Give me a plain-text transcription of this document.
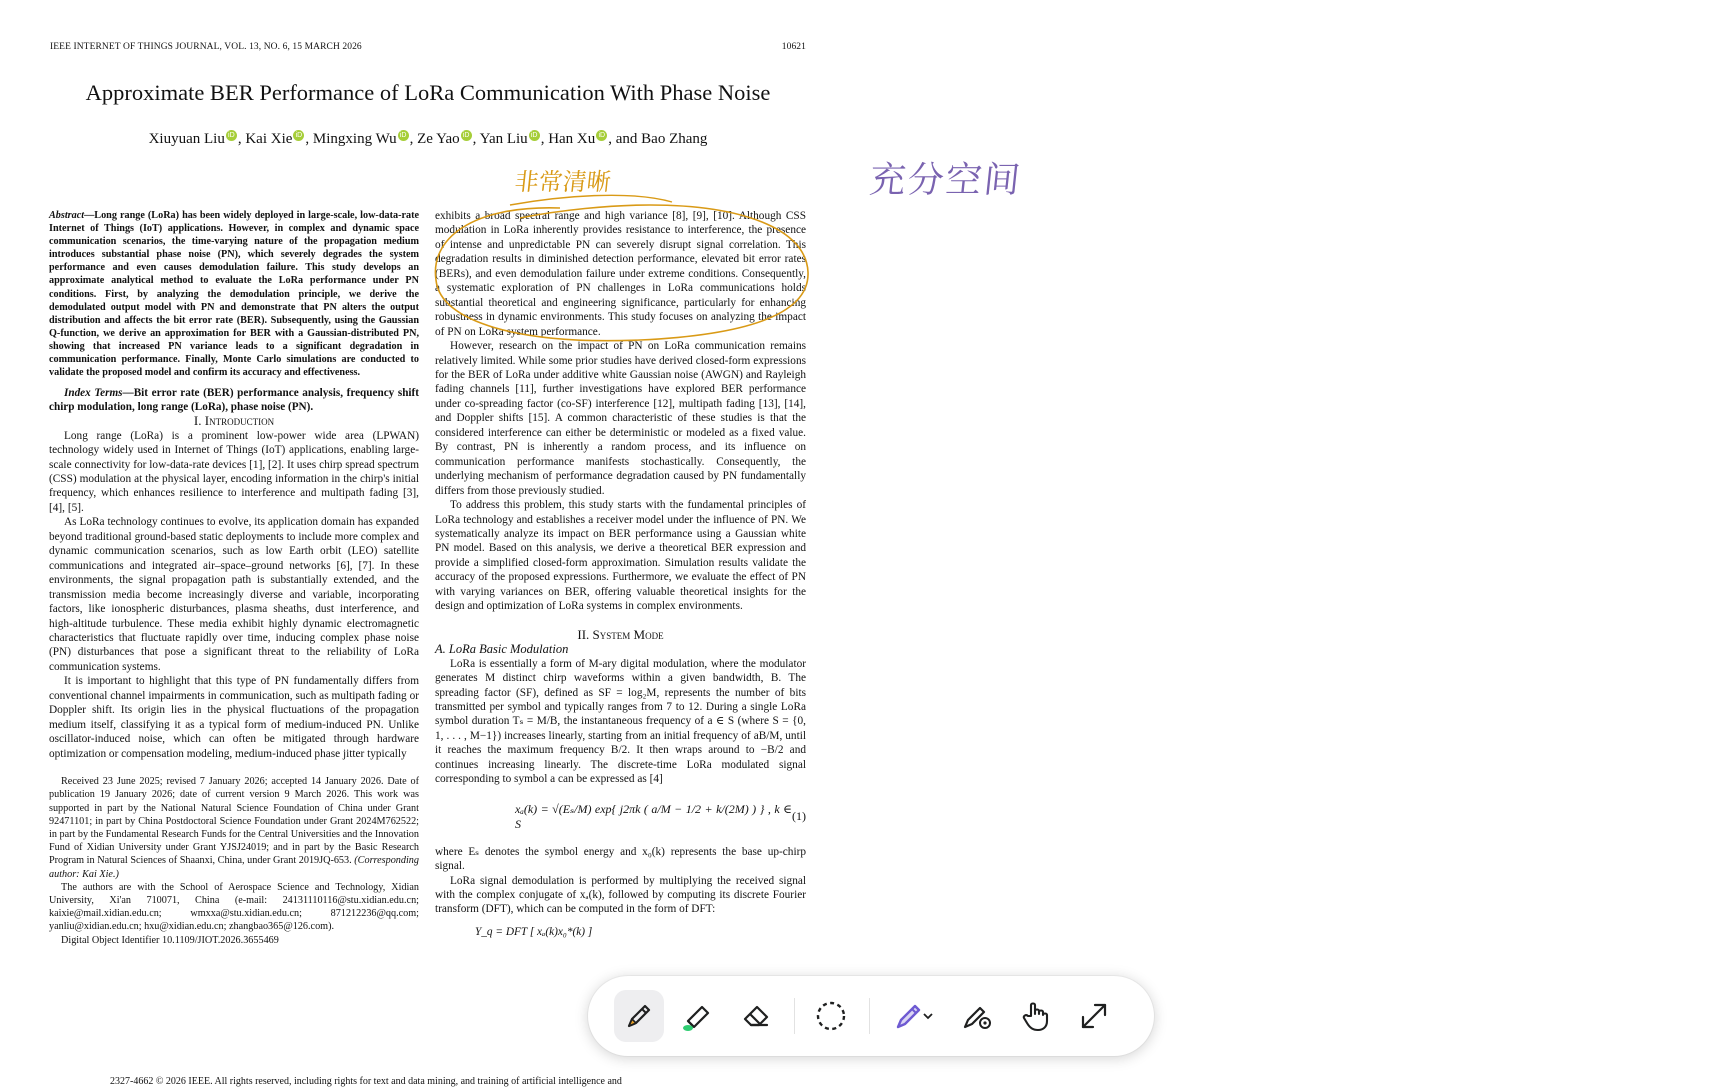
IEEE INTERNET OF THINGS JOURNAL, VOL. 13, NO. 6, 15 MARCH 2026	10621
Approximate BER Performance of LoRa Communication With Phase Noise
Xiuyuan Liu iD , Kai Xie iD , Mingxing Wu iD , Ze Yao iD , Yan Liu iD , Han Xu iD , and Bao Zhang

Abstract—Long range (LoRa) has been widely deployed in large-scale, low-data-rate Internet of Things (IoT) applications. However, in complex and dynamic space communication scenarios, the time-varying nature of the propagation medium introduces substantial phase noise (PN), which severely degrades the system performance and even causes demodulation failure. This study develops an approximate analytical method to evaluate the LoRa performance under PN conditions. First, by analyzing the demodulation principle, we derive the demodulated output model with PN and demonstrate that PN alters the output distribution and affects the bit error rate (BER). Subsequently, using the Gaussian Q-function, we derive an approximation for BER with a Gaussian-distributed PN, showing that increased PN variance leads to a significant degradation in communication performance. Finally, Monte Carlo simulations are conducted to validate the proposed model and confirm its accuracy and effectiveness.

Index Terms—Bit error rate (BER) performance analysis, frequency shift chirp modulation, long range (LoRa), phase noise (PN).

I. Introduction

Long range (LoRa) is a prominent low-power wide area (LPWAN) technology widely used in Internet of Things (IoT) applications, enabling large-scale connectivity for low-data-rate devices [1], [2]. It uses chirp spread spectrum (CSS) modulation at the physical layer, encoding information in the chirp's initial frequency, which enhances resilience to interference and multipath fading [3], [4], [5].

As LoRa technology continues to evolve, its application domain has expanded beyond traditional ground-based static deployments to include more complex and dynamic communication scenarios, such as low Earth orbit (LEO) satellite communications and integrated air–space–ground networks [6], [7]. In these environments, the signal propagation path is substantially extended, and the transmission media become increasingly diverse and variable, incorporating factors, like ionospheric disturbances, plasma sheaths, dust interference, and high-altitude turbulence. These media exhibit highly dynamic electromagnetic characteristics that fluctuate rapidly over time, inducing complex phase noise (PN) disturbances that pose a significant threat to the reliability of LoRa communication systems.

It is important to highlight that this type of PN fundamentally differs from conventional channel impairments in communication, such as multipath fading or Doppler shift. Its origin lies in the physical fluctuations of the propagation medium itself, classifying it as a typical form of medium-induced PN. Unlike oscillator-induced noise, which can often be mitigated through hardware optimization or compensation modeling, medium-induced phase jitter typically

Received 23 June 2025; revised 7 January 2026; accepted 14 January 2026. Date of publication 19 January 2026; date of current version 9 March 2026. This work was supported in part by the National Natural Science Foundation of China under Grant 92471101; in part by China Postdoctoral Science Foundation under Grant 2024M762522; in part by the Fundamental Research Funds for the Central Universities and the Innovation Fund of Xidian University under Grant YJSJ24019; and in part by the Basic Research Program in Natural Sciences of Shaanxi, China, under Grant 2019JQ-653. (Corresponding author: Kai Xie.)

The authors are with the School of Aerospace Science and Technology, Xidian University, Xi'an 710071, China (e-mail: 24131110116@stu.xidian.edu.cn; kaixie@mail.xidian.edu.cn; wmxxa@stu.xidian.edu.cn; 871212236@qq.com; yanliu@xidian.edu.cn; hxu@xidian.edu.cn; zhangbao365@126.com).

Digital Object Identifier 10.1109/JIOT.2026.3655469

exhibits a broad spectral range and high variance [8], [9], [10]. Although CSS modulation in LoRa inherently provides resistance to interference, the presence of intense and unpredictable PN can severely disrupt signal correlation. This degradation results in diminished detection performance, elevated bit error rates (BERs), and even demodulation failure under extreme conditions. Consequently, a systematic exploration of PN challenges in LoRa communications holds substantial theoretical and engineering significance, particularly for enhancing robustness in dynamic environments. This study focuses on analyzing the impact of PN on LoRa system performance.

However, research on the impact of PN on LoRa communication remains relatively limited. While some prior studies have derived closed-form expressions for the BER of LoRa under additive white Gaussian noise (AWGN) and Rayleigh fading channels [11], further investigations have explored BER performance under co-spreading factor (co-SF) interference [12], multipath fading [13], [14], and Doppler shifts [15]. A common characteristic of these studies is that the considered interference can either be deterministic or modeled as a fixed value. By contrast, PN is inherently a random process, and its influence on communication performance manifests stochastically. Consequently, the underlying mechanism of performance degradation caused by PN fundamentally differs from those previously studied.

To address this problem, this study starts with the fundamental principles of LoRa technology and establishes a receiver model under the influence of PN. We systematically analyze its impact on BER performance using a Gaussian white PN model. Based on this analysis, we derive a theoretical BER expression and provide a simplified closed-form approximation. Simulation results validate the accuracy of the proposed expressions. Furthermore, we evaluate the effect of PN with varying variances on BER, offering valuable theoretical insights for the design and optimization of LoRa systems in complex environments.

II. System Mode

A. LoRa Basic Modulation

LoRa is essentially a form of M-ary digital modulation, where the modulator generates M distinct chirp waveforms within a given bandwidth, B. The spreading factor (SF), defined as SF = log₂M, represents the number of bits transmitted per symbol and typically ranges from 7 to 12. During a single LoRa symbol duration Tₛ = M/B, the instantaneous frequency of a ∈ S (where S = {0, 1, . . . , M−1}) increases linearly, starting from an initial frequency of aB/M, until it reaches the maximum frequency B/2. It then wraps around to −B/2 and continues increasing linearly. The discrete-time LoRa modulated signal corresponding to symbol a can be expressed as [4]

xₐ(k) = √(Eₛ/M) exp{ j2πk ( a/M − 1/2 + k/(2M) ) } , k ∈ S
(1)

where Eₛ denotes the symbol energy and x₀(k) represents the base up-chirp signal.

LoRa signal demodulation is performed by multiplying the received signal with the complex conjugate of xₐ(k), followed by computing its discrete Fourier transform (DFT), which can be computed in the form of DFT:

Y_q = DFT [ xₐ(k)x₀*(k) ]

2327-4662 © 2026 IEEE. All rights reserved, including rights for text and data mining, and training of artificial intelligence and
非常清晰	充分空间
